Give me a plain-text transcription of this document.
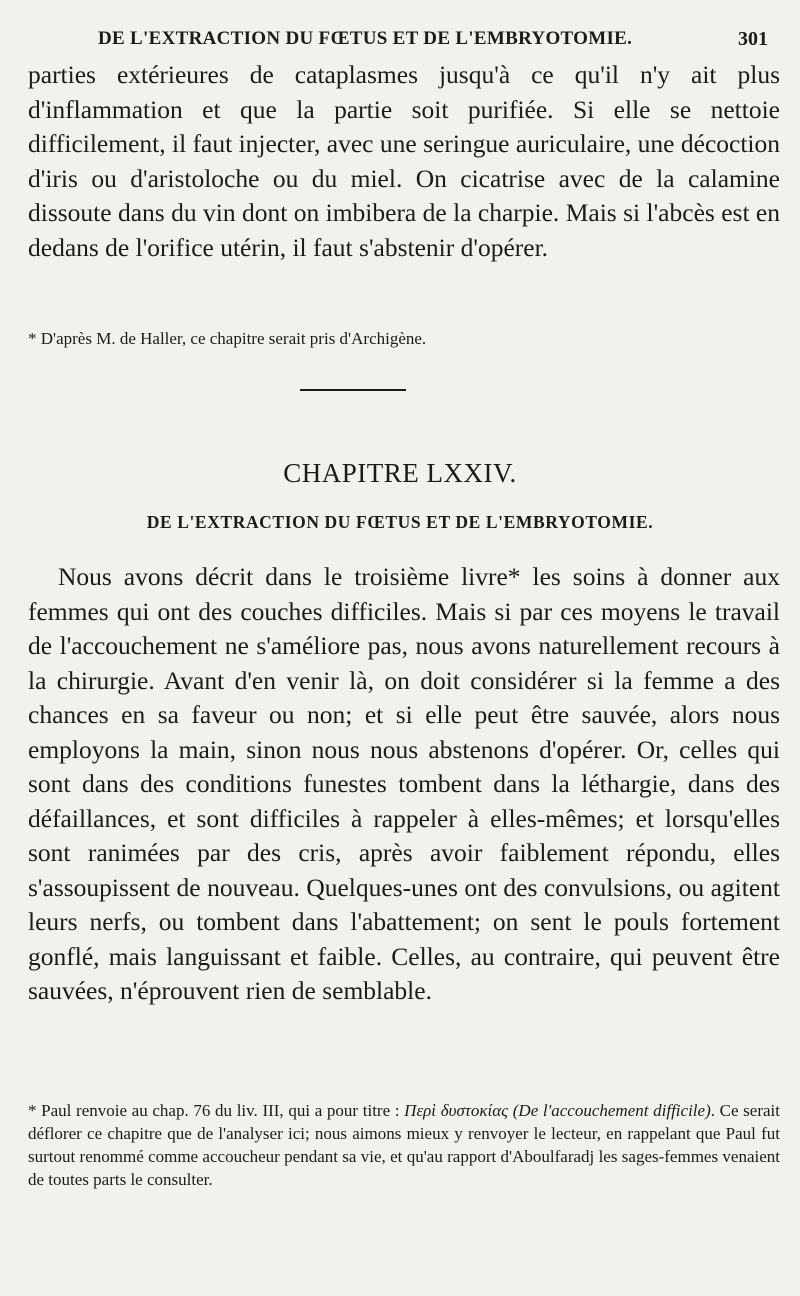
DE L'EXTRACTION DU FŒTUS ET DE L'EMBRYOTOMIE.	301

parties extérieures de cataplasmes jusqu'à ce qu'il n'y ait plus d'inflammation et que la partie soit purifiée. Si elle se nettoie difficilement, il faut injecter, avec une seringue auriculaire, une décoction d'iris ou d'aristoloche ou du miel. On cicatrise avec de la calamine dissoute dans du vin dont on imbibera de la charpie. Mais si l'abcès est en dedans de l'orifice utérin, il faut s'abstenir d'opérer.

* D'après M. de Haller, ce chapitre serait pris d'Archigène.

CHAPITRE LXXIV.
DE L'EXTRACTION DU FŒTUS ET DE L'EMBRYOTOMIE.

Nous avons décrit dans le troisième livre* les soins à donner aux femmes qui ont des couches difficiles. Mais si par ces moyens le travail de l'accouchement ne s'améliore pas, nous avons naturellement recours à la chirurgie. Avant d'en venir là, on doit considérer si la femme a des chances en sa faveur ou non; et si elle peut être sauvée, alors nous employons la main, sinon nous nous abstenons d'opérer. Or, celles qui sont dans des conditions funestes tombent dans la léthargie, dans des défaillances, et sont difficiles à rappeler à elles-mêmes; et lorsqu'elles sont ranimées par des cris, après avoir faiblement répondu, elles s'assoupissent de nouveau. Quelques-unes ont des convulsions, ou agitent leurs nerfs, ou tombent dans l'abattement; on sent le pouls fortement gonflé, mais languissant et faible. Celles, au contraire, qui peuvent être sauvées, n'éprouvent rien de semblable.

* Paul renvoie au chap. 76 du liv. III, qui a pour titre : Περὶ δυστοκίας (De l'accouchement difficile). Ce serait déflorer ce chapitre que de l'analyser ici; nous aimons mieux y renvoyer le lecteur, en rappelant que Paul fut surtout renommé comme accoucheur pendant sa vie, et qu'au rapport d'Aboulfaradj les sages-femmes venaient de toutes parts le consulter.
